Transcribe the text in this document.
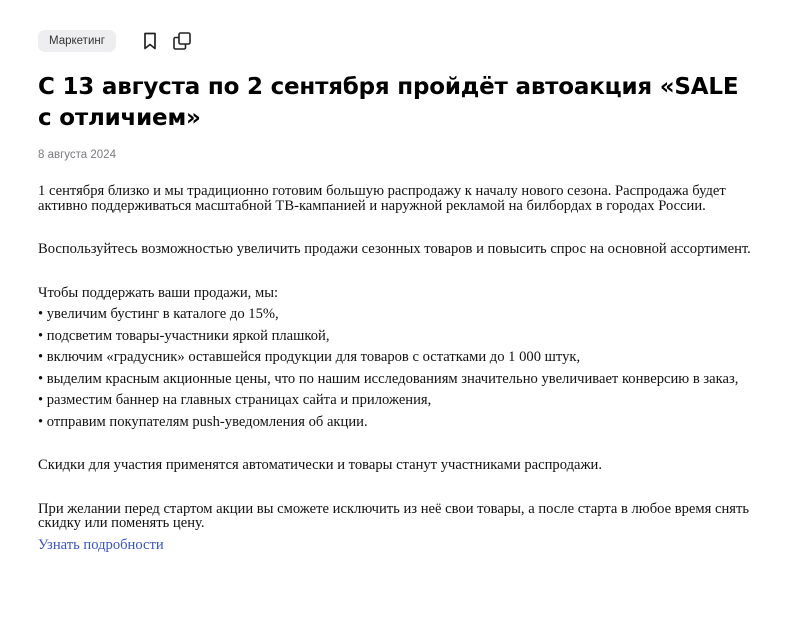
Маркетинг
С 13 августа по 2 сентября пройдёт автоакция «SALE с отличием»
8 августа 2024

1 сентября близко и мы традиционно готовим большую распродажу к началу нового сезона. Распродажа будет активно поддерживаться масштабной ТВ-кампанией и наружной рекламой на билбордах в городах России.

Воспользуйтесь возможностью увеличить продажи сезонных товаров и повысить спрос на основной ассортимент.

Чтобы поддержать ваши продажи, мы:

• увеличим бустинг в каталоге до 15%,

• подсветим товары-участники яркой плашкой,

• включим «градусник» оставшейся продукции для товаров с остатками до 1 000 штук,

• выделим красным акционные цены, что по нашим исследованиям значительно увеличивает конверсию в заказ,

• разместим баннер на главных страницах сайта и приложения,

• отправим покупателям push-уведомления об акции.

Скидки для участия применятся автоматически и товары станут участниками распродажи.

При желании перед стартом акции вы сможете исключить из неё свои товары, а после старта в любое время снять скидку или поменять цену.

Узнать подробности
